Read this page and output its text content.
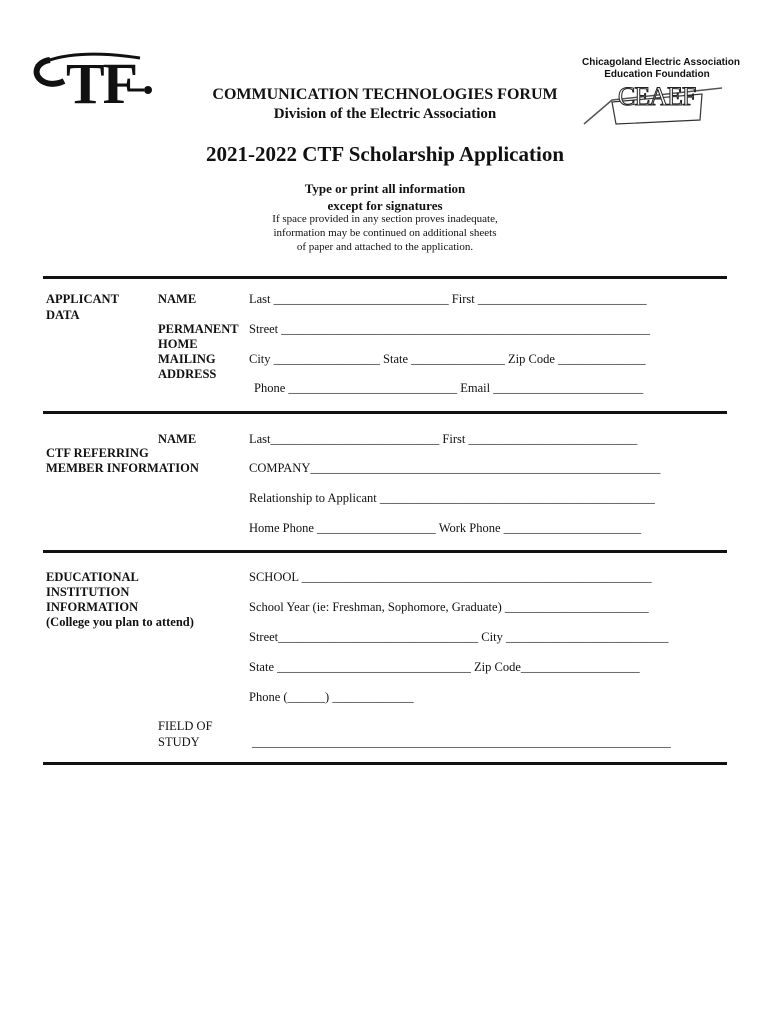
TF	COMMUNICATION TECHNOLOGIES FORUM
Division of the Electric Association
Chicagoland Electric Association
Education Foundation
CEAEF
2021-2022 CTF Scholarship Application
Type or print all information
except for signatures
If space provided in any section proves inadequate,
information may be continued on additional sheets
of paper and attached to the application.
APPLICANT
DATA
NAME	Last ____________________________ First ___________________________
PERMANENT
HOME
MAILING
ADDRESS
Street ___________________________________________________________
City _________________ State _______________ Zip Code ______________
Phone ___________________________ Email ________________________
NAME	Last___________________________ First ___________________________
CTF REFERRING
MEMBER INFORMATION	COMPANY________________________________________________________
Relationship to Applicant ____________________________________________
Home Phone ___________________ Work Phone ______________________
EDUCATIONAL
INSTITUTION
INFORMATION
(College you plan to attend)
SCHOOL ________________________________________________________
School Year (ie: Freshman, Sophomore, Graduate) _______________________
Street________________________________ City __________________________
State _______________________________ Zip Code___________________
Phone (______) _____________
FIELD OF
STUDY	___________________________________________________________________
